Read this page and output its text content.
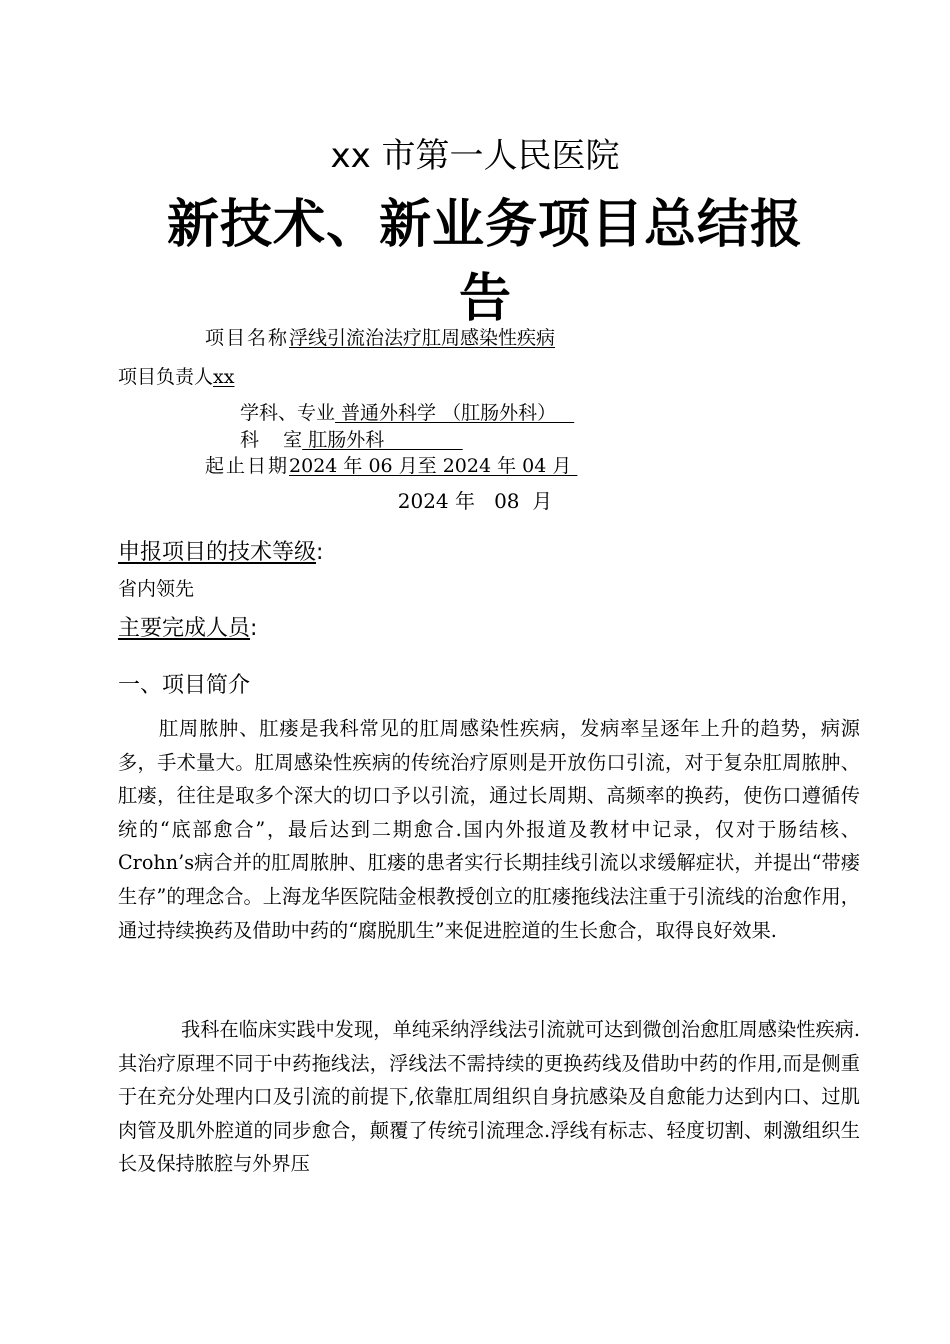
xx 市第一人民医院
新技术、新业务项目总结报
告
项目名称浮线引流治法疗肛周感染性疾病
项目负责人xx
学科、专业 普通外科学 （肛肠外科）
科    室 肛肠外科
起止日期2024 年 06 月至 2024 年 04 月
2024 年   08  月
申报项目的技术等级:
省内领先
主要完成人员:
一、项目简介

肛周脓肿、肛瘘是我科常见的肛周感染性疾病，发病率呈逐年上升的趋势，病源多，手术量大。肛周感染性疾病的传统治疗原则是开放伤口引流，对于复杂肛周脓肿、肛瘘，往往是取多个深大的切口予以引流，通过长周期、高频率的换药，使伤口遵循传统的“底部愈合”，最后达到二期愈合.国内外报道及教材中记录，仅对于肠结核、Crohn’s病合并的肛周脓肿、肛瘘的患者实行长期挂线引流以求缓解症状，并提出“带瘘生存”的理念合。上海龙华医院陆金根教授创立的肛瘘拖线法注重于引流线的治愈作用，通过持续换药及借助中药的“腐脱肌生”来促进腔道的生长愈合，取得良好效果.

我科在临床实践中发现，单纯采纳浮线法引流就可达到微创治愈肛周感染性疾病.其治疗原理不同于中药拖线法，浮线法不需持续的更换药线及借助中药的作用,而是侧重于在充分处理内口及引流的前提下,依靠肛周组织自身抗感染及自愈能力达到内口、过肌肉管及肌外腔道的同步愈合，颠覆了传统引流理念.浮线有标志、轻度切割、刺激组织生长及保持脓腔与外界压
